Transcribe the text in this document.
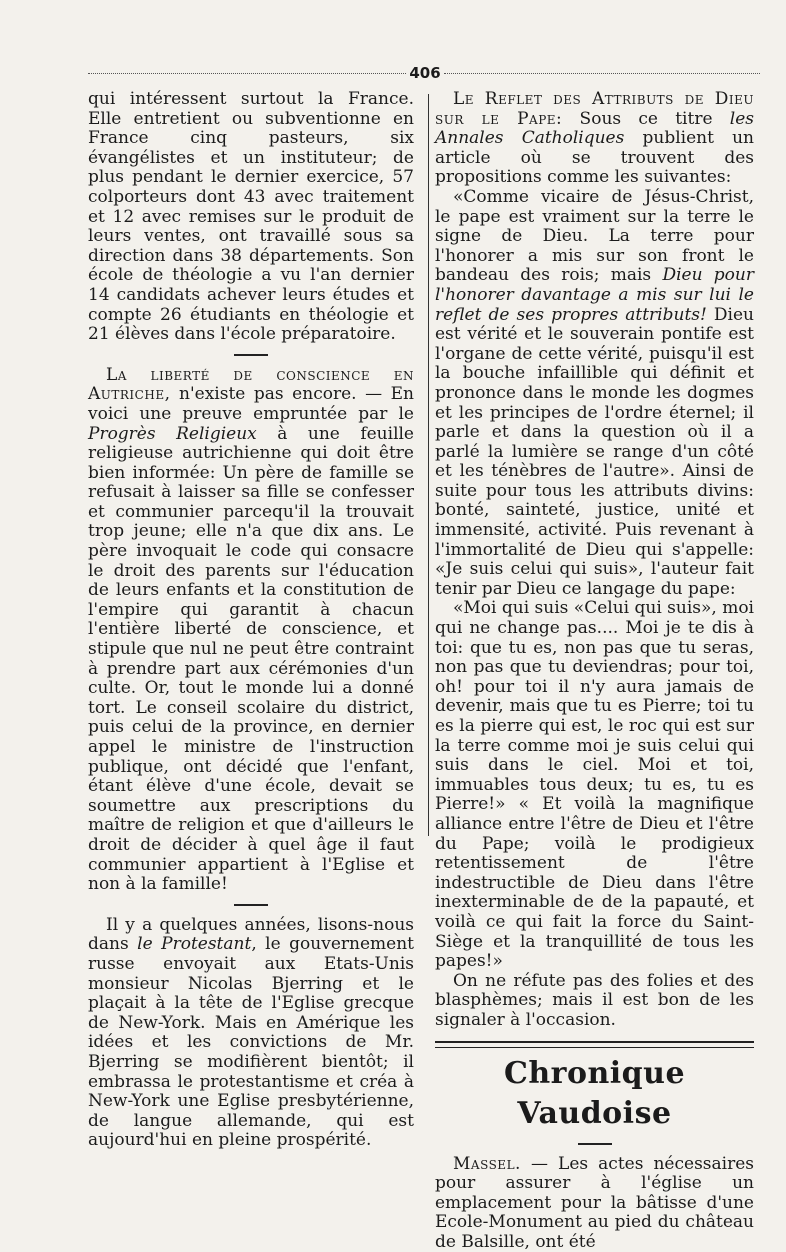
406

qui intéressent surtout la France. Elle entretient ou subventionne en France cinq pasteurs, six évangélistes et un instituteur; de plus pendant le dernier exercice, 57 colporteurs dont 43 avec traitement et 12 avec remises sur le produit de leurs ventes, ont travaillé sous sa direction dans 38 départements. Son école de théologie a vu l'an dernier 14 candidats achever leurs études et compte 26 étudiants en théologie et 21 élèves dans l'école préparatoire.

La liberté de conscience en Autriche, n'existe pas encore. — En voici une preuve empruntée par le Progrès Religieux à une feuille religieuse autrichienne qui doit être bien informée: Un père de famille se refusait à laisser sa fille se confesser et communier parcequ'il la trouvait trop jeune; elle n'a que dix ans. Le père invoquait le code qui consacre le droit des parents sur l'éducation de leurs enfants et la constitution de l'empire qui garantit à chacun l'entière liberté de conscience, et stipule que nul ne peut être contraint à prendre part aux cérémonies d'un culte. Or, tout le monde lui a donné tort. Le conseil scolaire du district, puis celui de la province, en dernier appel le ministre de l'instruction publique, ont décidé que l'enfant, étant élève d'une école, devait se soumettre aux prescriptions du maître de religion et que d'ailleurs le droit de décider à quel âge il faut communier appartient à l'Eglise et non à la famille!

Il y a quelques années, lisons-nous dans le Protestant, le gouvernement russe envoyait aux Etats-Unis monsieur Nicolas Bjerring et le plaçait à la tête de l'Eglise grecque de New-York. Mais en Amérique les idées et les convictions de Mr. Bjerring se modifièrent bientôt; il embrassa le protestantisme et créa à New-York une Eglise presbytérienne, de langue allemande, qui est aujourd'hui en pleine prospérité.

Le Reflet des Attributs de Dieu sur le Pape: Sous ce titre les Annales Catholiques publient un article où se trouvent des propositions comme les suivantes:

«Comme vicaire de Jésus-Christ, le pape est vraiment sur la terre le signe de Dieu. La terre pour l'honorer a mis sur son front le bandeau des rois; mais Dieu pour l'honorer davantage a mis sur lui le reflet de ses propres attributs! Dieu est vérité et le souverain pontife est l'organe de cette vérité, puisqu'il est la bouche infaillible qui définit et prononce dans le monde les dogmes et les principes de l'ordre éternel; il parle et dans la question où il a parlé la lumière se range d'un côté et les ténèbres de l'autre». Ainsi de suite pour tous les attributs divins: bonté, sainteté, justice, unité et immensité, activité. Puis revenant à l'immortalité de Dieu qui s'appelle: «Je suis celui qui suis», l'auteur fait tenir par Dieu ce langage du pape:

«Moi qui suis «Celui qui suis», moi qui ne change pas.... Moi je te dis à toi: que tu es, non pas que tu seras, non pas que tu deviendras; pour toi, oh! pour toi il n'y aura jamais de devenir, mais que tu es Pierre; toi tu es la pierre qui est, le roc qui est sur la terre comme moi je suis celui qui suis dans le ciel. Moi et toi, immuables tous deux; tu es, tu es Pierre!» « Et voilà la magnifique alliance entre l'être de Dieu et l'être du Pape; voilà le prodigieux retentissement de l'être indestructible de Dieu dans l'être inexterminable de de la papauté, et voilà ce qui fait la force du Saint-Siège et la tranquillité de tous les papes!»

On ne réfute pas des folies et des blasphèmes; mais il est bon de les signaler à l'occasion.

Chronique Vaudoise

Massel. — Les actes nécessaires pour assurer à l'église un emplacement pour la bâtisse d'une Ecole-Monument au pied du château de Balsille, ont été
